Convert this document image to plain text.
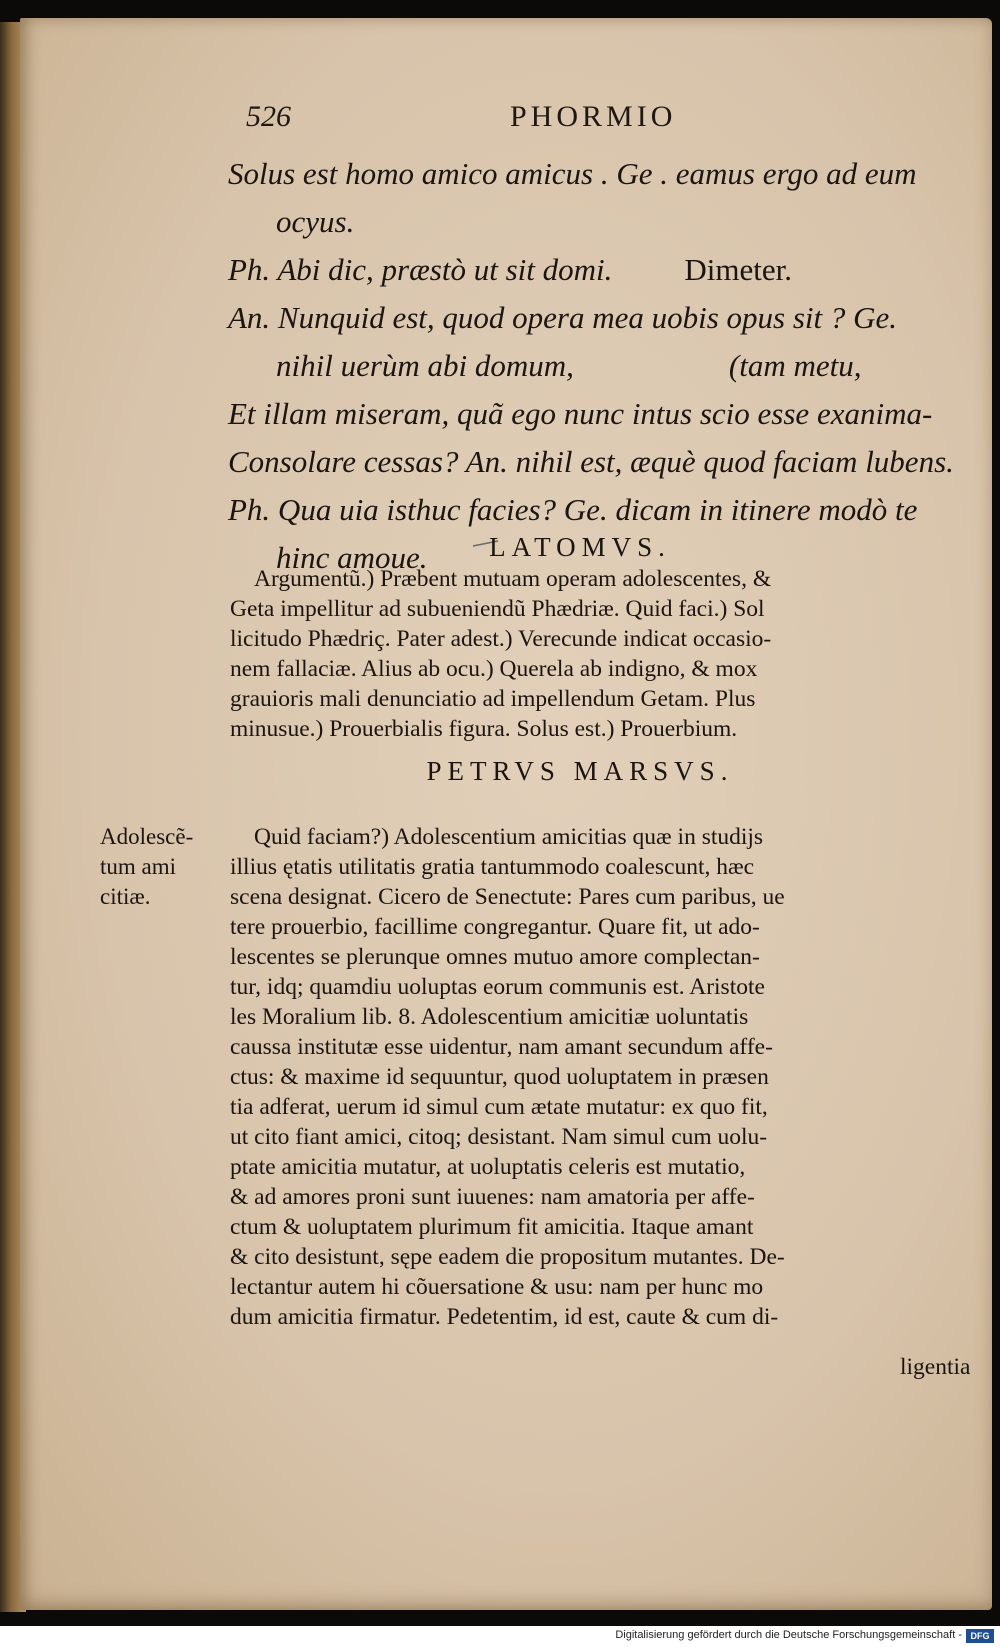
526	PHORMIO
Solus est homo amico amicus . Ge . eamus ergo ad eum
ocyus.
Ph. Abi dic, præstò ut sit domi. Dimeter.
An. Nunquid est, quod opera mea uobis opus sit ? Ge.
nihil uerùm abi domum,                    (tam metu,
Et illam miseram, quã ego nunc intus scio esse exanima-
Consolare cessas? An. nihil est, æquè quod faciam lubens.
Ph. Qua uia isthuc facies? Ge. dicam in itinere modò te
hinc amoue.	LATOMVS.
Argumentũ.) Præbent mutuam operam adolescentes, &
Geta impellitur ad subueniendũ Phædriæ. Quid faci.) Sol
licitudo Phædriç. Pater adest.) Verecunde indicat occasio-
nem fallaciæ. Alius ab ocu.) Querela ab indigno, & mox
grauioris mali denunciatio ad impellendum Getam. Plus
minusue.) Prouerbialis figura. Solus est.) Prouerbium.
PETRVS MARSVS.
Adolescẽ-
tum ami
citiæ.
Quid faciam?) Adolescentium amicitias quæ in studijs
illius ętatis utilitatis gratia tantummodo coalescunt, hæc
scena designat. Cicero de Senectute: Pares cum paribus, ue
tere prouerbio, facillime congregantur. Quare fit, ut ado-
lescentes se plerunque omnes mutuo amore complectan-
tur, idq; quamdiu uoluptas eorum communis est. Aristote
les Moralium lib. 8. Adolescentium amicitiæ uoluntatis
caussa institutæ esse uidentur, nam amant secundum affe-
ctus: & maxime id sequuntur, quod uoluptatem in præsen
tia adferat, uerum id simul cum ætate mutatur: ex quo fit,
ut cito fiant amici, citoq; desistant. Nam simul cum uolu-
ptate amicitia mutatur, at uoluptatis celeris est mutatio,
& ad amores proni sunt iuuenes: nam amatoria per affe-
ctum & uoluptatem plurimum fit amicitia. Itaque amant
& cito desistunt, sępe eadem die propositum mutantes. De-
lectantur autem hi cõuersatione & usu: nam per hunc mo
dum amicitia firmatur. Pedetentim, id est, caute & cum di-
ligentia
Digitalisierung gefördert durch die Deutsche Forschungsgemeinschaft - DFG
